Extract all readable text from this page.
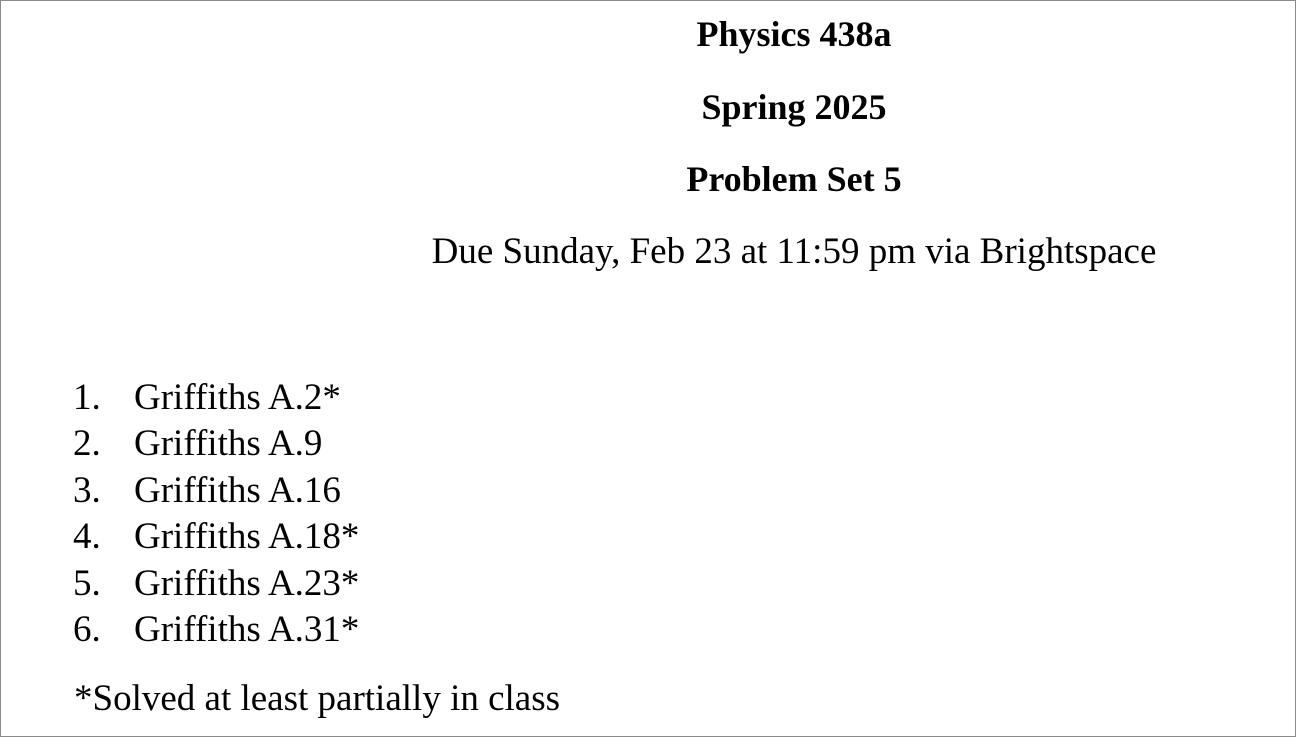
Physics 438a
Spring 2025
Problem Set 5
Due Sunday, Feb 23 at 11:59 pm via Brightspace
1. Griffiths A.2*
2. Griffiths A.9
3. Griffiths A.16
4. Griffiths A.18*
5. Griffiths A.23*
6. Griffiths A.31*
*Solved at least partially in class
